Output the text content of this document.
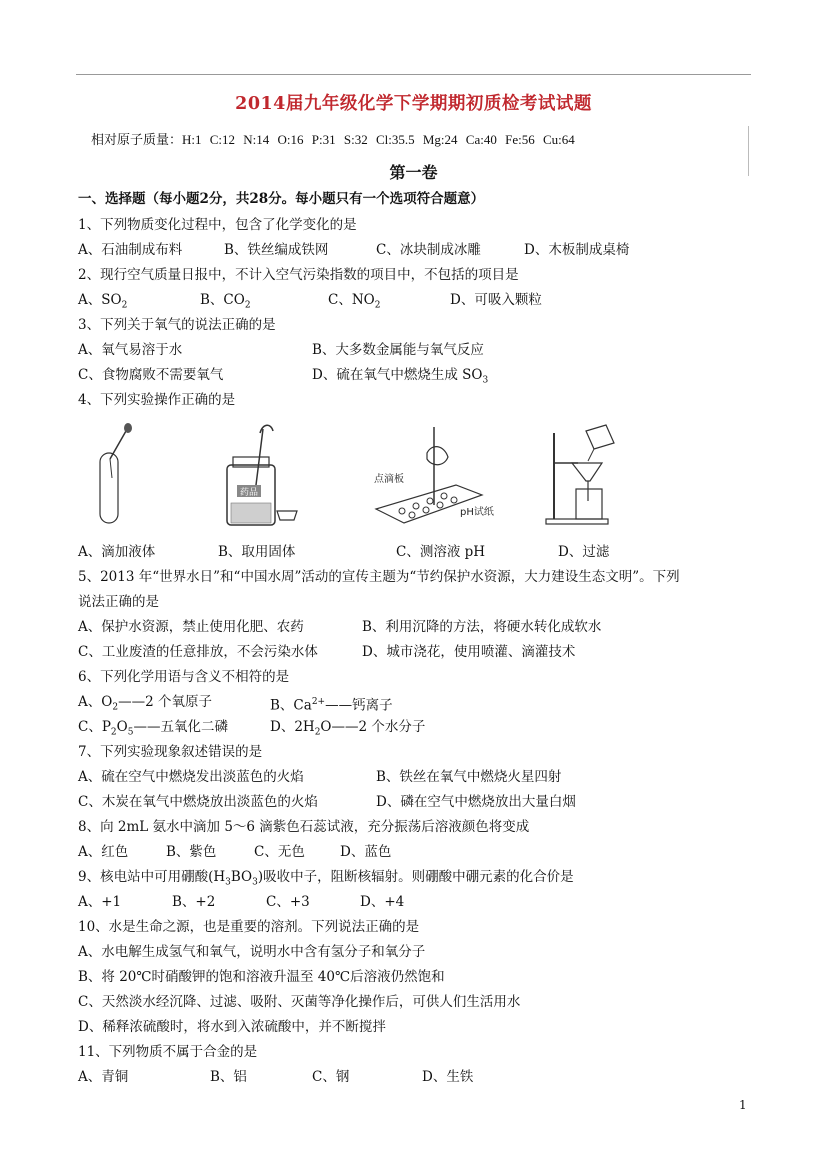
2014届九年级化学下学期期初质检考试试题
相对原子质量：H:1 C:12 N:14 O:16 P:31 S:32 Cl:35.5 Mg:24 Ca:40 Fe:56 Cu:64
第一卷
一、选择题（每小题2分，共28分。每小题只有一个选项符合题意）
1、下列物质变化过程中，包含了化学变化的是
A、石油制成布料	B、铁丝编成铁网	C、冰块制成冰雕	D、木板制成桌椅
2、现行空气质量日报中，不计入空气污染指数的项目中，不包括的项目是
A、$SO_2$	B、$CO_2$	C、$NO_2$	D、可吸入颗粒
3、下列关于氧气的说法正确的是
A、氧气易溶于水	B、大多数金属能与氧气反应
C、食物腐败不需要氧气	D、硫在氧气中燃烧生成 $SO_3$
4、下列实验操作正确的是
药品
点滴板
pH试纸
A、滴加液体	B、取用固体	C、测溶液 pH	D、过滤
5、2013 年“世界水日”和“中国水周”活动的宣传主题为“节约保护水资源，大力建设生态文明”。下列
说法正确的是
A、保护水资源，禁止使用化肥、农药	B、利用沉降的方法，将硬水转化成软水
C、工业废渣的任意排放，不会污染水体	D、城市浇花，使用喷灌、滴灌技术
6、下列化学用语与含义不相符的是
A、$O_2——2$ 个氧原子	B、$Ca^{2+}——$钙离子
C、$P_2O_5——$五氧化二磷	D、$2H_2O——2$ 个水分子
7、下列实验现象叙述错误的是
A、硫在空气中燃烧发出淡蓝色的火焰	B、铁丝在氧气中燃烧火星四射
C、木炭在氧气中燃烧放出淡蓝色的火焰	D、磷在空气中燃烧放出大量白烟
8、向 2mL 氨水中滴加 5～6 滴紫色石蕊试液，充分振荡后溶液颜色将变成
A、红色	B、紫色	C、无色	D、蓝色
9、核电站中可用硼酸$(H_3BO_3)$吸收中子，阻断核辐射。则硼酸中硼元素的化合价是
A、+1	B、+2	C、+3	D、+4
10、水是生命之源，也是重要的溶剂。下列说法正确的是
A、水电解生成氢气和氧气，说明水中含有氢分子和氧分子
B、将 20℃时硝酸钾的饱和溶液升温至 40℃后溶液仍然饱和
C、天然淡水经沉降、过滤、吸附、灭菌等净化操作后，可供人们生活用水
D、稀释浓硫酸时，将水到入浓硫酸中，并不断搅拌
11、下列物质不属于合金的是
A、青铜	B、铝	C、钢	D、生铁
1
